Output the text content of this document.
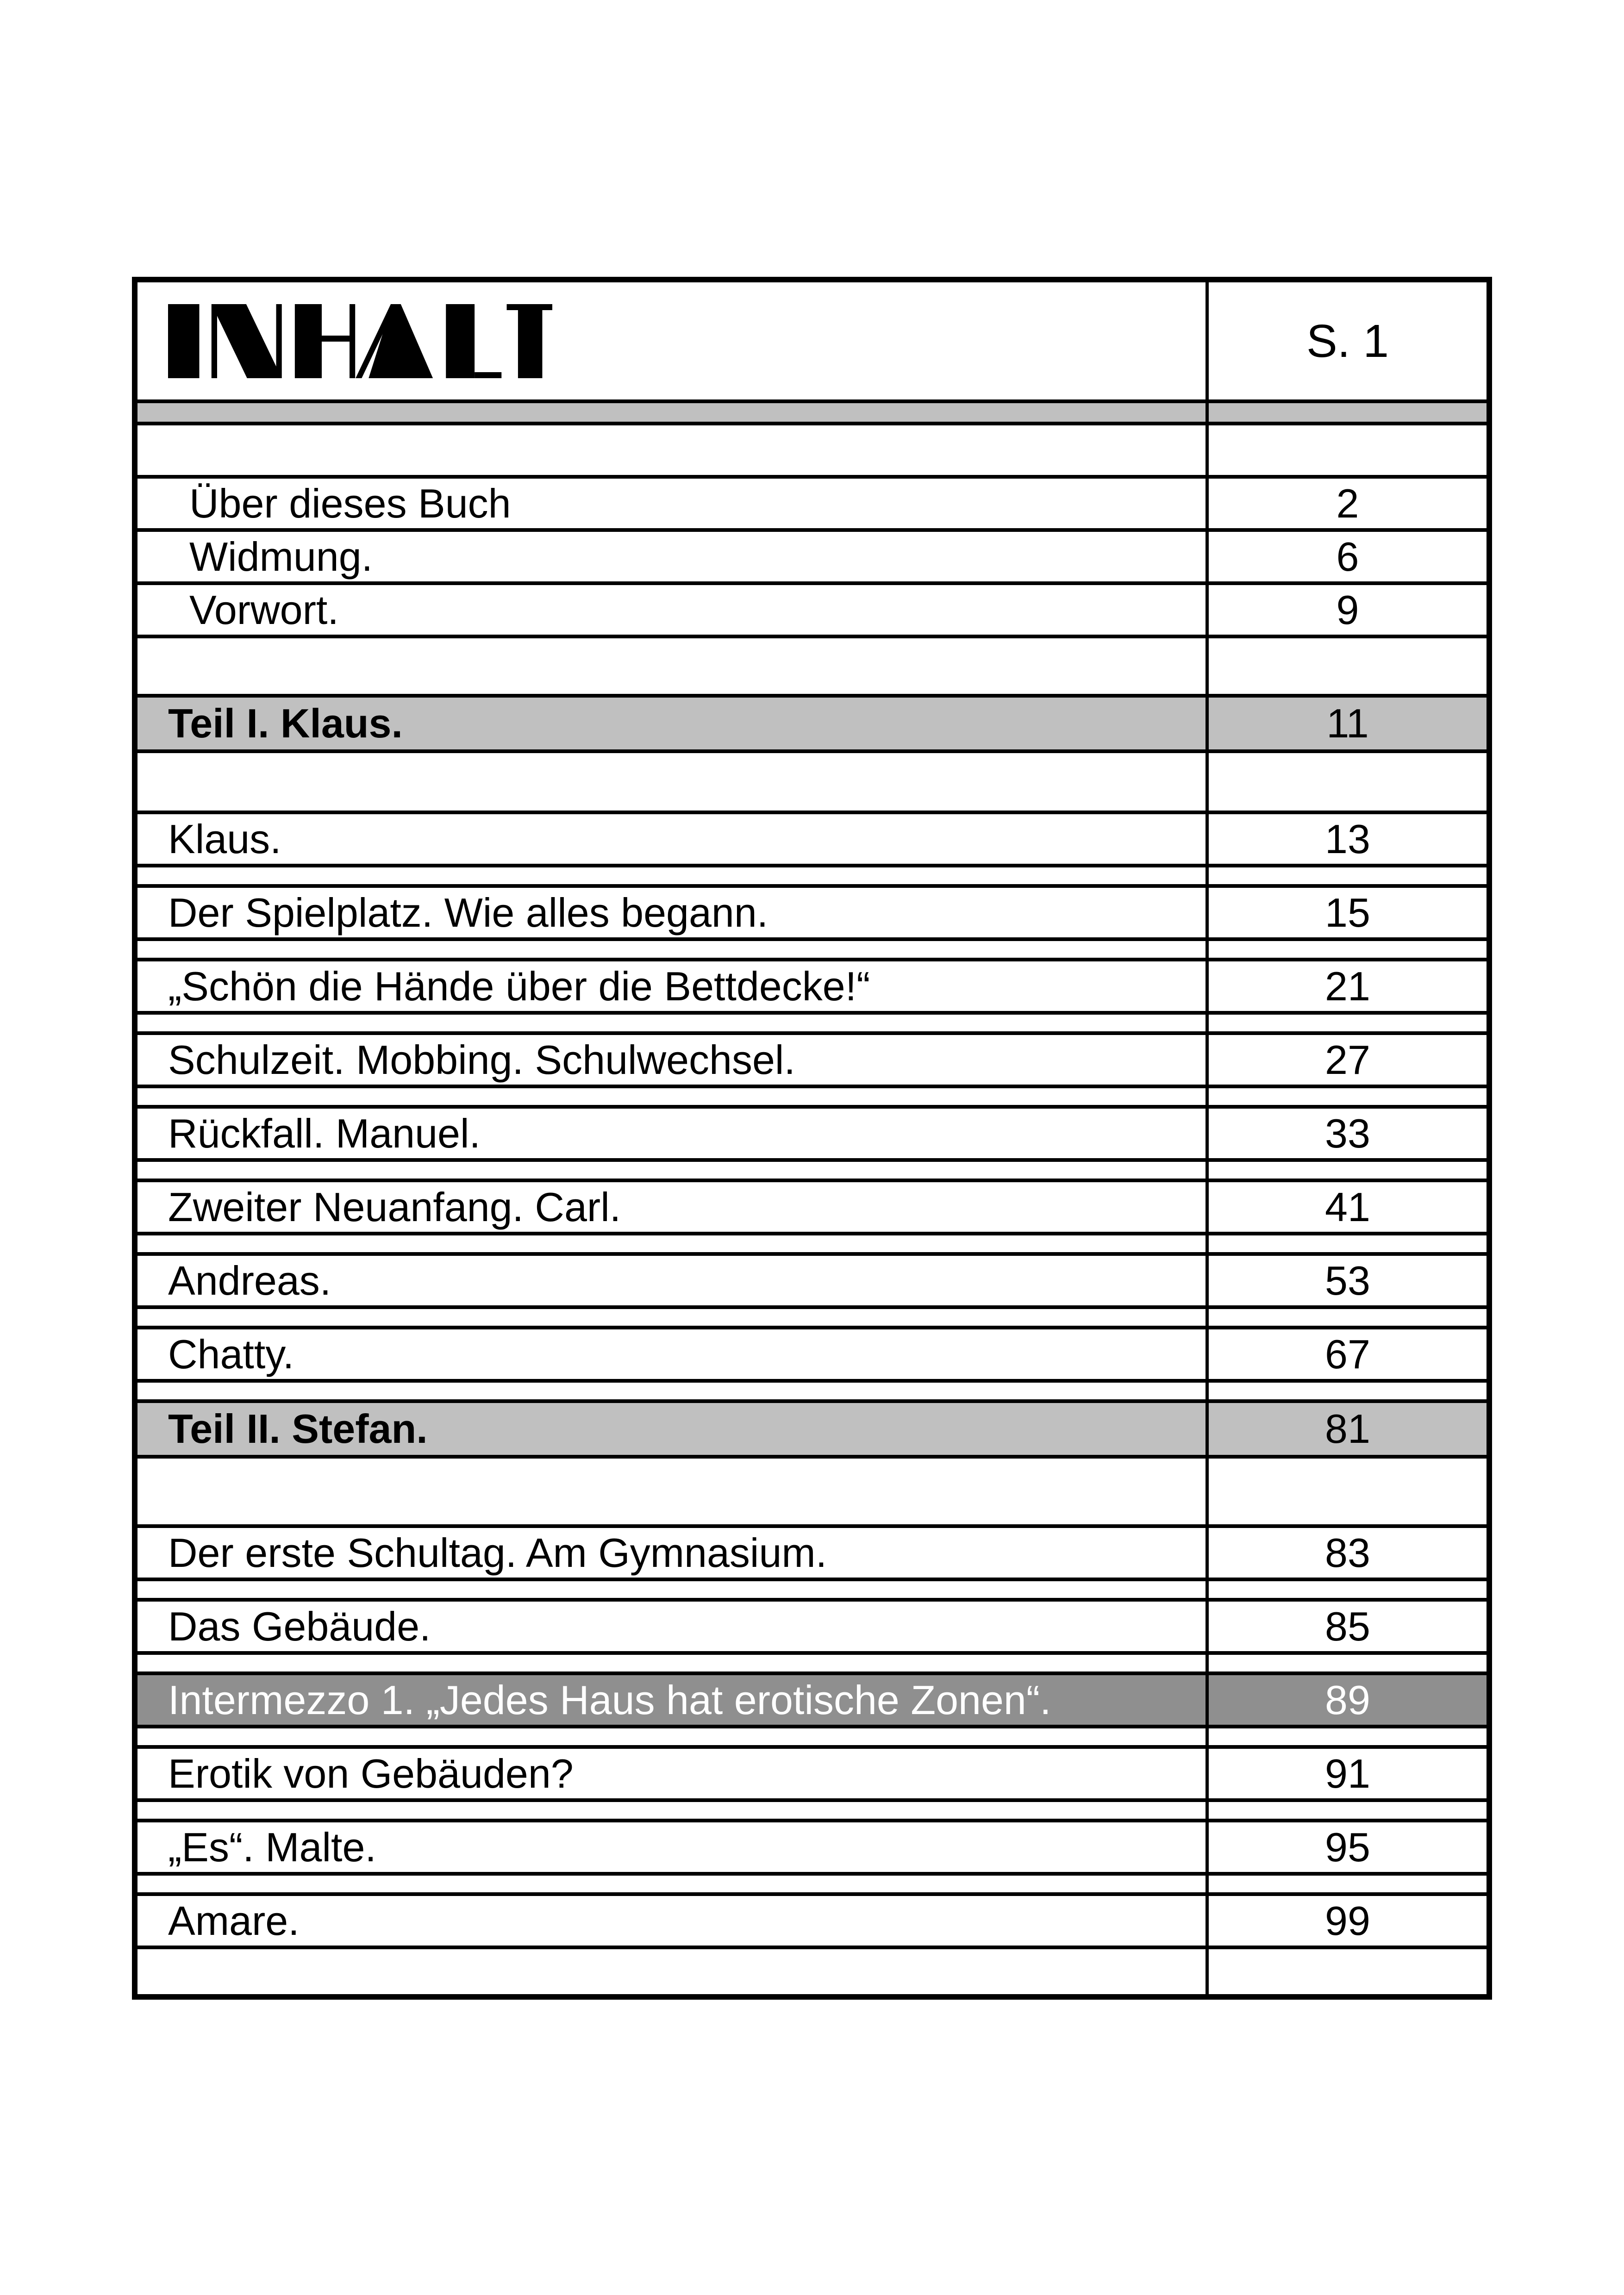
S. 1
Über dieses Buch	2
Widmung.	6
Vorwort.	9
Teil I. Klaus.	11
Klaus.	13
Der Spielplatz. Wie alles begann.	15
„Schön die Hände über die Bettdecke!“	21
Schulzeit. Mobbing. Schulwechsel.	27
Rückfall. Manuel.	33
Zweiter Neuanfang. Carl.	41
Andreas.	53
Chatty.	67
Teil II. Stefan.	81
Der erste Schultag. Am Gymnasium.	83
Das Gebäude.	85
Intermezzo 1. „Jedes Haus hat erotische Zonen“.	89
Erotik von Gebäuden?	91
„Es“. Malte.	95
Amare.	99
